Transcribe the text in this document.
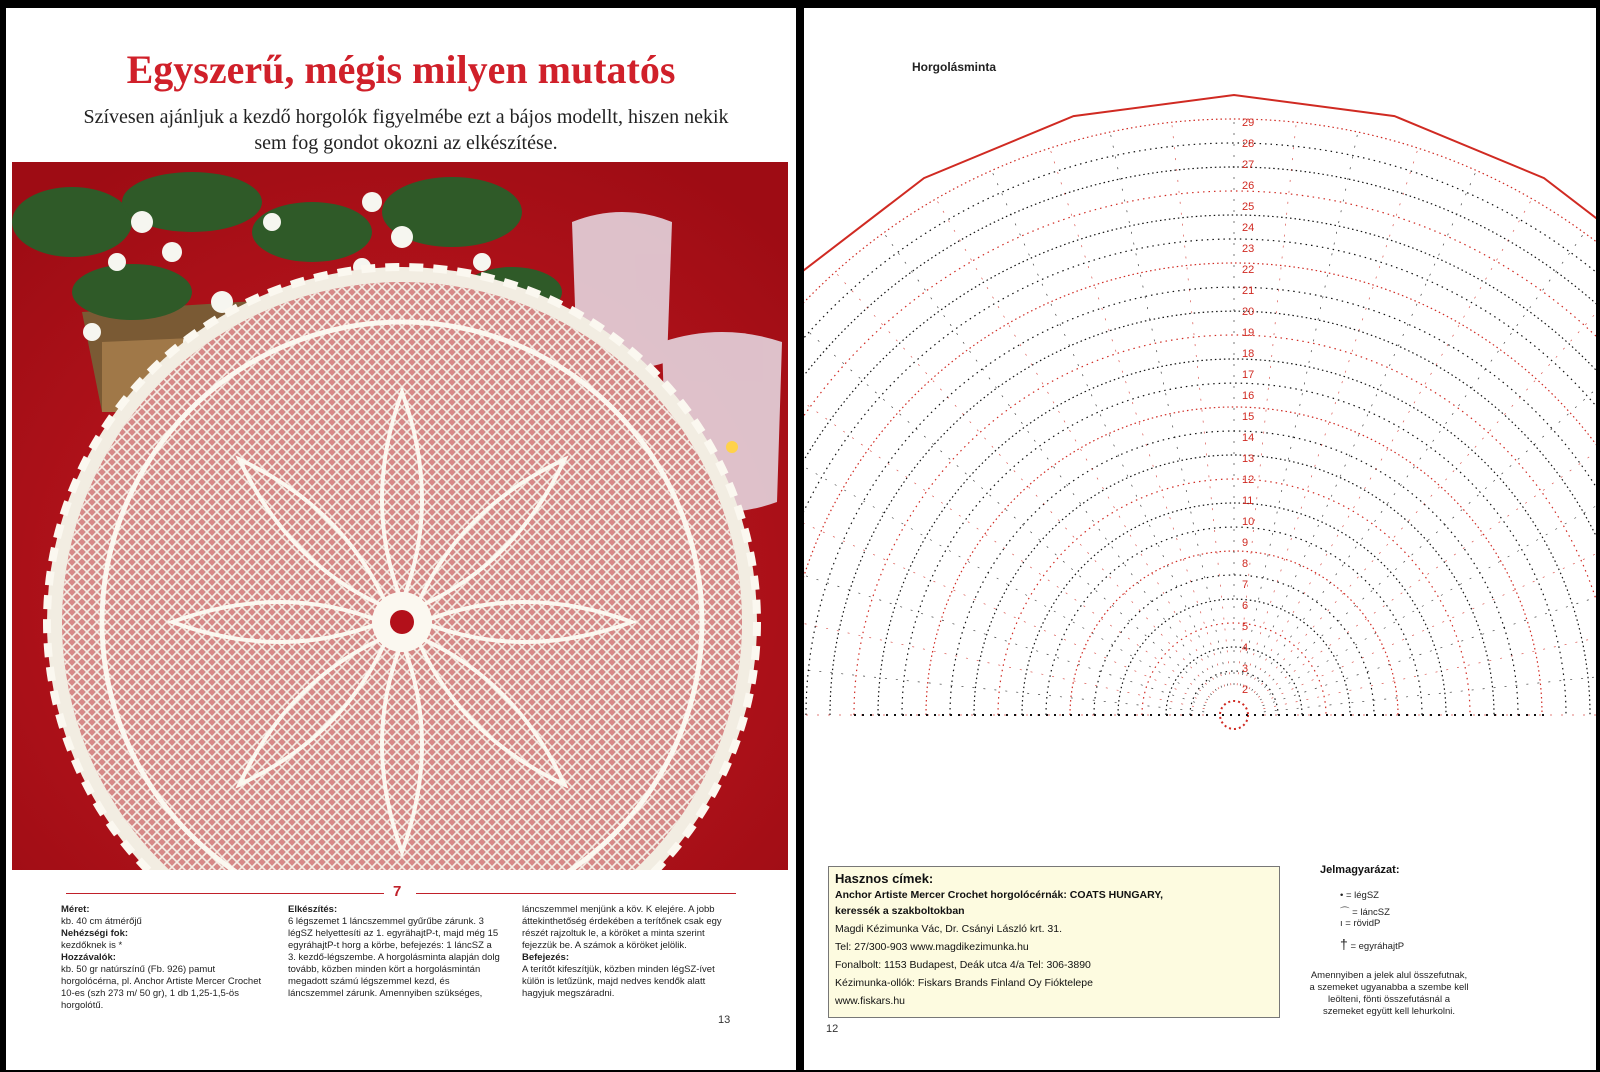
Egyszerű, mégis milyen mutatós
Szívesen ajánljuk a kezdő horgolók figyelmébe ezt a bájos modellt, hiszen nekik sem fog gondot okozni az elkészítése.
7
Méret:
kb. 40 cm átmérőjű
Nehézségi fok:
kezdőknek is *
Hozzávalók:
kb. 50 gr natúrszínű (Fb. 926) pamut horgolócérna, pl. Anchor Artiste Mercer Crochet 10-es (szh 273 m/ 50 gr), 1 db 1,25-1,5-ös horgolótű.
Elkészítés:
6 légszemet 1 láncszemmel gyűrűbe zárunk. 3 légSZ helyettesíti az 1. egyrähajtP-t, majd még 15 egyráhajtP-t horg a körbe, befejezés: 1 láncSZ a 3. kezdő-légszembe. A horgolásminta alapján dolg tovább, közben minden kört a horgolásmintán megadott számú légszemmel kezd, és láncszemmel zárunk. Amennyiben szükséges,
láncszemmel menjünk a köv. K elejére. A jobb áttekinthetőség érdekében a terítőnek csak egy részét rajzoltuk le, a köröket a minta szerint fejezzük be. A számok a köröket jelölik.
Befejezés:
A terítőt kifeszítjük, közben minden légSZ-ívet külön is letűzünk, majd nedves kendők alatt hagyjuk megszáradni.
13
Horgolásminta
2
3
4
5
6
7
8
9
10
11
12
13
14
15
16
17
18
19
20
21
22
23
24
25
26
27
28
29
Hasznos címek:
Anchor Artiste Mercer Crochet horgolócérnák: COATS HUNGARY,
keressék a szakboltokban
Magdi Kézimunka Vác, Dr. Csányi László krt. 31.
Tel: 27/300-903 www.magdikezimunka.hu
Fonalbolt: 1153 Budapest, Deák utca 4/a Tel: 306-3890
Kézimunka-ollók: Fiskars Brands Finland Oy Fióktelepe
www.fiskars.hu
Jelmagyarázat:
• = légSZ
⌒ = láncSZ
ı = rövidP
† = egyráhajtP
Amennyiben a jelek alul összefutnak, a szemeket ugyanabba a szembe kell leölteni, fönti összefutásnál a szemeket együtt kell lehurkolni.
12
